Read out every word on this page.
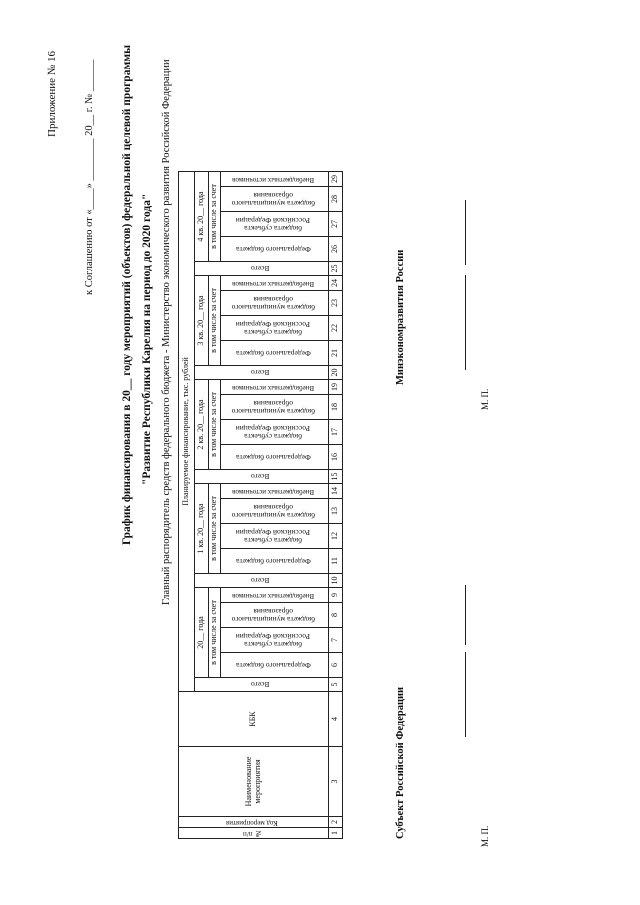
Приложение № 16 к Соглашению от «____» ________ 20__ г. № ______ График финансирования в 20__ году мероприятий (объектов) федеральной целевой программы "Развитие Республики Карелия на период до 2020 года" Главный распорядитель средств федерального бюджета - Министерство экономического развития Российской Федерации
№ п/п	Код мероприятия	Наименование мероприятия	КБК	Планируемое финансирование, тыс. рублей																								
				Всего	20__ года				Всего	1 кв. 20__ года				Всего	2 кв. 20__ года				Всего	3 кв. 20__ года				Всего	4 кв. 20__ года			
					в том числе за счет					в том числе за счет					в том числе за счет					в том числе за счет					в том числе за счет			
					Федерального бюджета	бюджета субъекта Российской Федерации	бюджета муниципального образования	Внебюджетных источников		Федерального бюджета	бюджета субъекта Российской Федерации	бюджета муниципального образования	Внебюджетных источников		Федерального бюджета	бюджета субъекта Российской Федерации	бюджета муниципального образования	Внебюджетных источников		Федерального бюджета	бюджета субъекта Российской Федерации	бюджета муниципального образования	Внебюджетных источников		Федерального бюджета	бюджета субъекта Российской Федерации	бюджета муниципального образования	Внебюджетных источников
1	2	3	4	5	6	7	8	9	10	11	12	13	14	15	16	17	18	19	20	21	22	23	24	25	26	27	28	29
Субъект Российской Федерации	М. П.
Минэкономразвития России
М. П.
